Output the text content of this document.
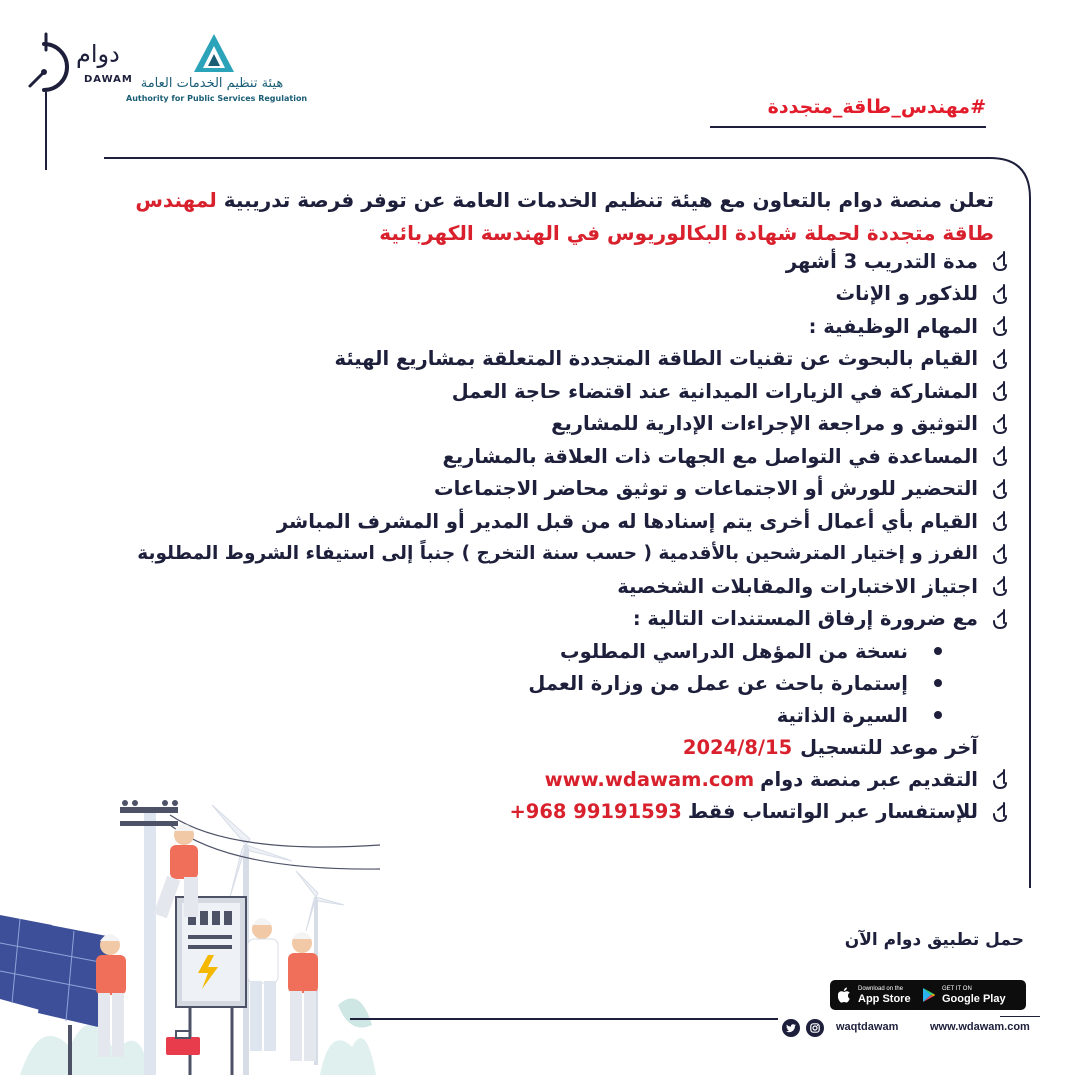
دوام
DAWAM هيئة تنظيم الخدمات العامة
Authority for Public Services Regulation	#مهندس_طاقة_متجددة
تعلن منصة دوام بالتعاون مع هيئة تنظيم الخدمات العامة عن توفر فرصة تدريبية لمهندس
طاقة متجددة لحملة شهادة البكالوريوس في الهندسة الكهربائية
مدة التدريب 3 أشهر
للذكور و الإناث
المهام الوظيفية :
القيام بالبحوث عن تقنيات الطاقة المتجددة المتعلقة بمشاريع الهيئة
المشاركة في الزيارات الميدانية عند اقتضاء حاجة العمل
التوثيق و مراجعة الإجراءات الإدارية للمشاريع
المساعدة في التواصل مع الجهات ذات العلاقة بالمشاريع
التحضير للورش أو الاجتماعات و توثيق محاضر الاجتماعات
القيام بأي أعمال أخرى يتم إسنادها له من قبل المدير أو المشرف المباشر
الفرز و إختيار المترشحين بالأقدمية ( حسب سنة التخرج ) جنباً إلى استيفاء الشروط المطلوبة
اجتياز الاختبارات والمقابلات الشخصية
مع ضرورة إرفاق المستندات التالية :
نسخة من المؤهل الدراسي المطلوب
إستمارة باحث عن عمل من وزارة العمل
السيرة الذاتية
آخر موعد للتسجيل
2024/8/15
التقديم عبر منصة دوام
www.wdawam.com
للإستفسار عبر الواتساب فقط
+968 99191593
حمل تطبيق دوام الآن
Download on the
App Store
GET IT ON
Google Play
waqtdawam	www.wdawam.com
